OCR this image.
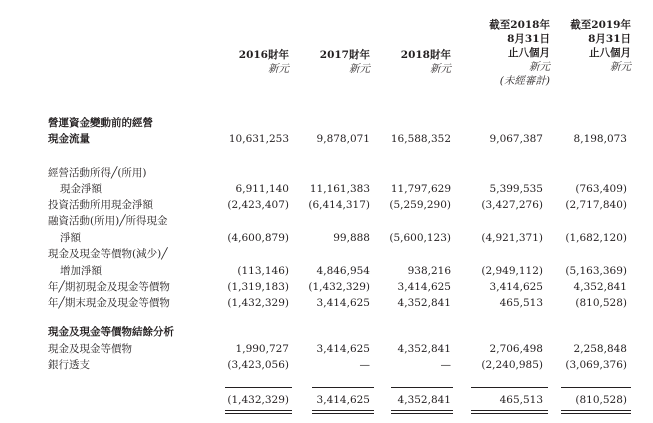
2016財年
新元
2017財年
新元
2018財年
新元
截至2018年
8月31日
止八個月
新元
(未經審計)
截至2019年
8月31日
止八個月
新元
營運資金變動前的經營
現金流量	10,631,253	9,878,071 16,588,352	9,067,387	8,198,073
經營活動所得╱(所用)
現金淨額	6,911,140 11,161,383 11,797,629	5,399,535	(763,409)
投資活動所用現金淨額	(2,423,407) (6,414,317) (5,259,290)	(3,427,276) (2,717,840)
融資活動(所用)╱所得現金
淨額	(4,600,879)	99,888 (5,600,123)	(4,921,371) (1,682,120)
現金及現金等價物(減少)╱
增加淨額	(113,146)	4,846,954	938,216	(2,949,112) (5,163,369)
年╱期初現金及現金等價物	(1,319,183) (1,432,329)	3,414,625	3,414,625	4,352,841
年╱期末現金及現金等價物	(1,432,329)	3,414,625	4,352,841	465,513	(810,528)
現金及現金等價物結餘分析
現金及現金等價物	1,990,727	3,414,625	4,352,841	2,706,498	2,258,848
銀行透支	(3,423,056)	—	—	(2,240,985) (3,069,376)
(1,432,329)	3,414,625	4,352,841	465,513	(810,528)
